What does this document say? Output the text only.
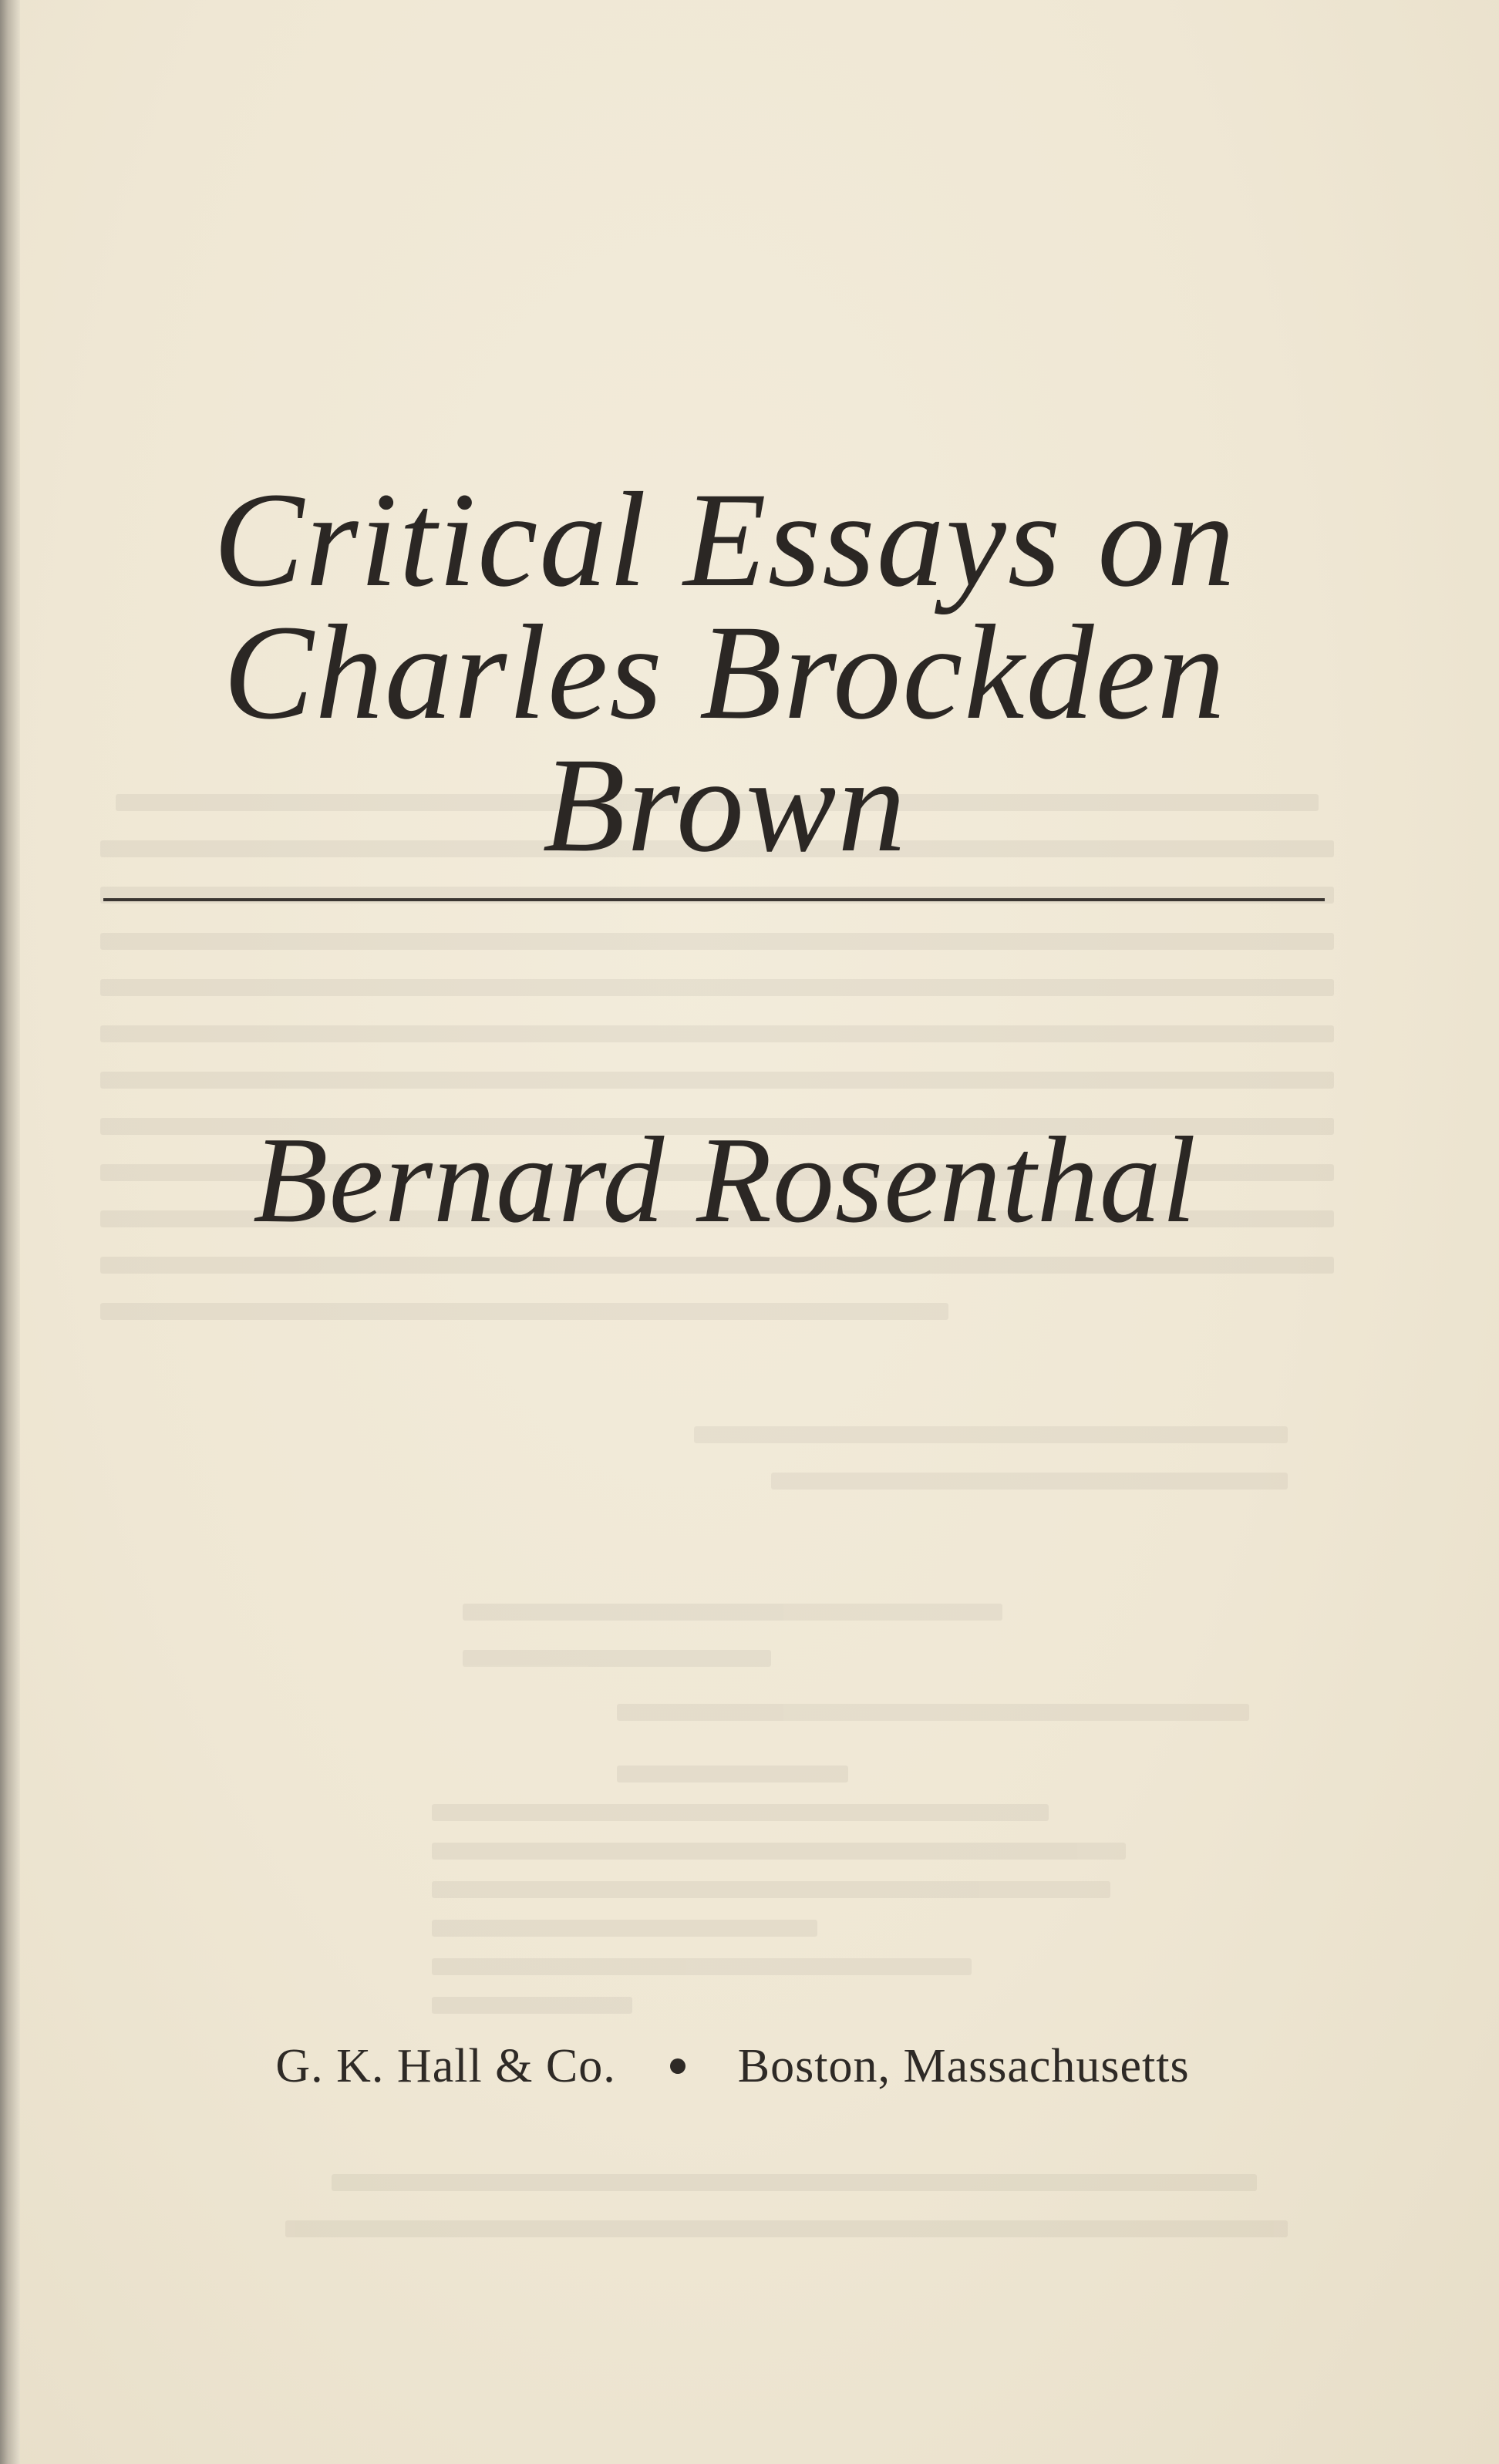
Critical Essays on
Charles Brockden
Brown
Bernard Rosenthal
G. K. Hall & Co.	Boston, Massachusetts
